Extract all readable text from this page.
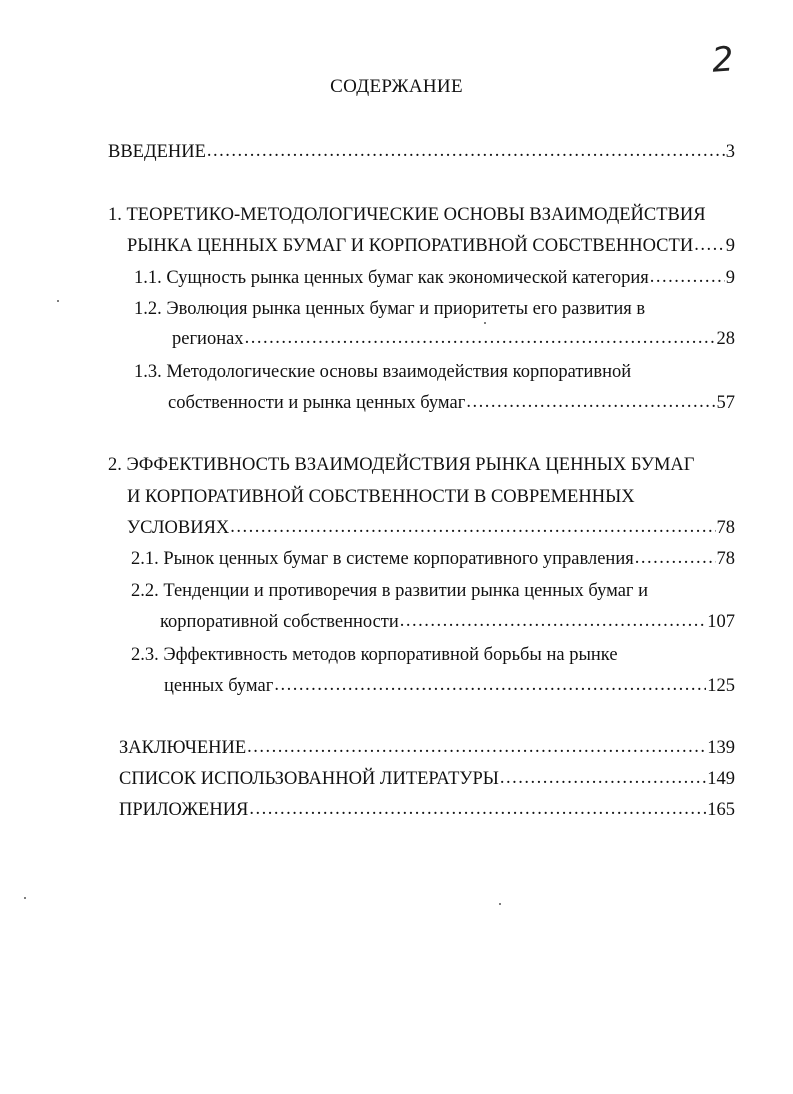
2
СОДЕРЖАНИЕ
ВВЕДЕНИЕ .....	3
1. ТЕОРЕТИКО-МЕТОДОЛОГИЧЕСКИЕ ОСНОВЫ ВЗАИМОДЕЙСТВИЯ
РЫНКА ЦЕННЫХ БУМАГ И КОРПОРАТИВНОЙ СОБСТВЕННОСТИ ..... 9
1.1. Сущность рынка ценных бумаг как экономической категория .....	9
1.2. Эволюция рынка ценных бумаг и приоритеты его развития в
регионах .....	28
1.3. Методологические основы взаимодействия корпоративной
собственности и рынка ценных бумаг .....	57
2. ЭФФЕКТИВНОСТЬ ВЗАИМОДЕЙСТВИЯ РЫНКА ЦЕННЫХ БУМАГ
И КОРПОРАТИВНОЙ СОБСТВЕННОСТИ В СОВРЕМЕННЫХ
УСЛОВИЯХ .....	78
2.1. Рынок ценных бумаг в системе корпоративного управления .....	78
2.2. Тенденции и противоречия в развитии рынка ценных бумаг и
корпоративной собственности .....	107
2.3. Эффективность методов корпоративной борьбы на рынке
ценных бумаг .....	125
ЗАКЛЮЧЕНИЕ .....	139
СПИСОК ИСПОЛЬЗОВАННОЙ ЛИТЕРАТУРЫ .....	149
ПРИЛОЖЕНИЯ .....	165
